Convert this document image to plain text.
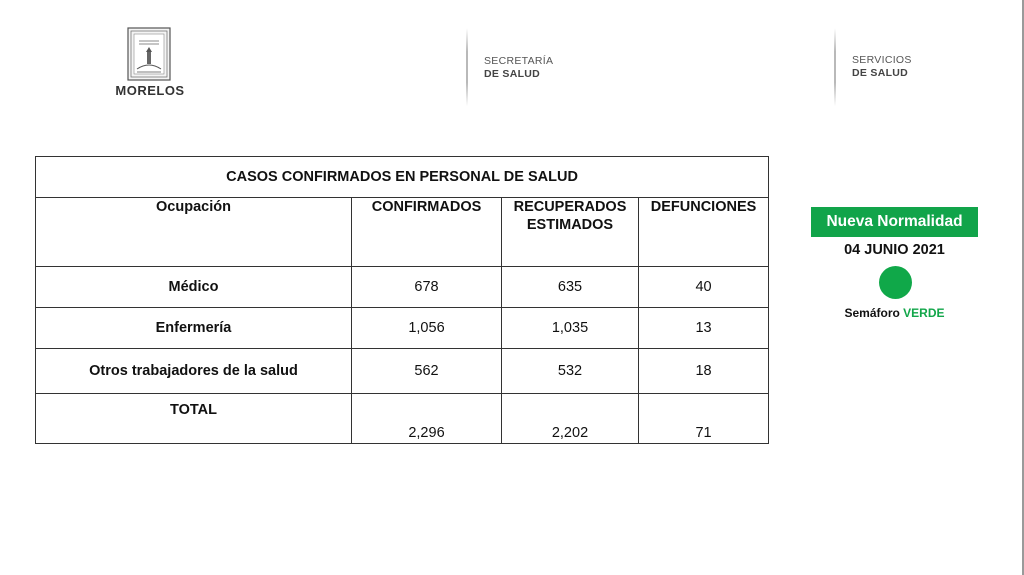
MORELOS
SECRETARÍA
DE SALUD
SERVICIOS
DE SALUD
CASOS CONFIRMADOS EN PERSONAL DE SALUD			
Ocupación	CONFIRMADOS	RECUPERADOS ESTIMADOS	DEFUNCIONES
Médico	678	635	40
Enfermería	1,056	1,035	13
Otros trabajadores de la salud	562	532	18
TOTAL	2,296	2,202	71
Nueva Normalidad
04 JUNIO 2021
Semáforo VERDE
